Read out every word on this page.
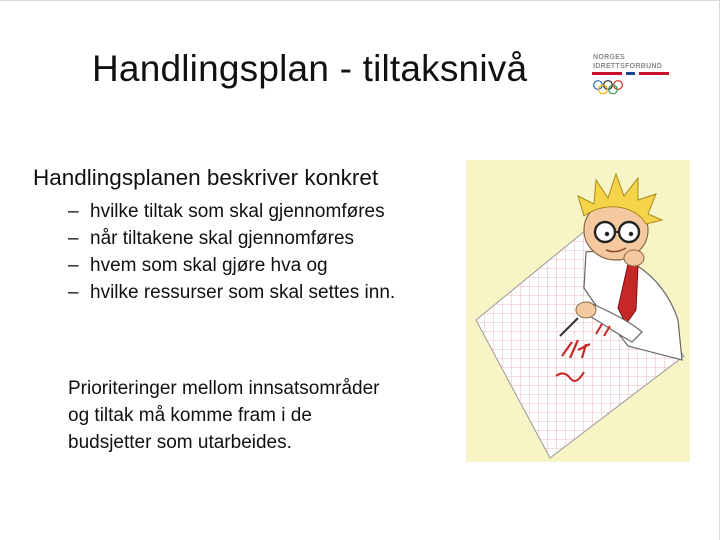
Handlingsplan - tiltaksnivå	NORGES
IDRETTSFORBUND
Handlingsplanen beskriver konkret
– hvilke tiltak som skal gjennomføres
– når tiltakene skal gjennomføres
– hvem som skal gjøre hva og
– hvilke ressurser som skal settes inn.
Prioriteringer mellom innsatsområder
og tiltak må komme fram i de
budsjetter som utarbeides.
